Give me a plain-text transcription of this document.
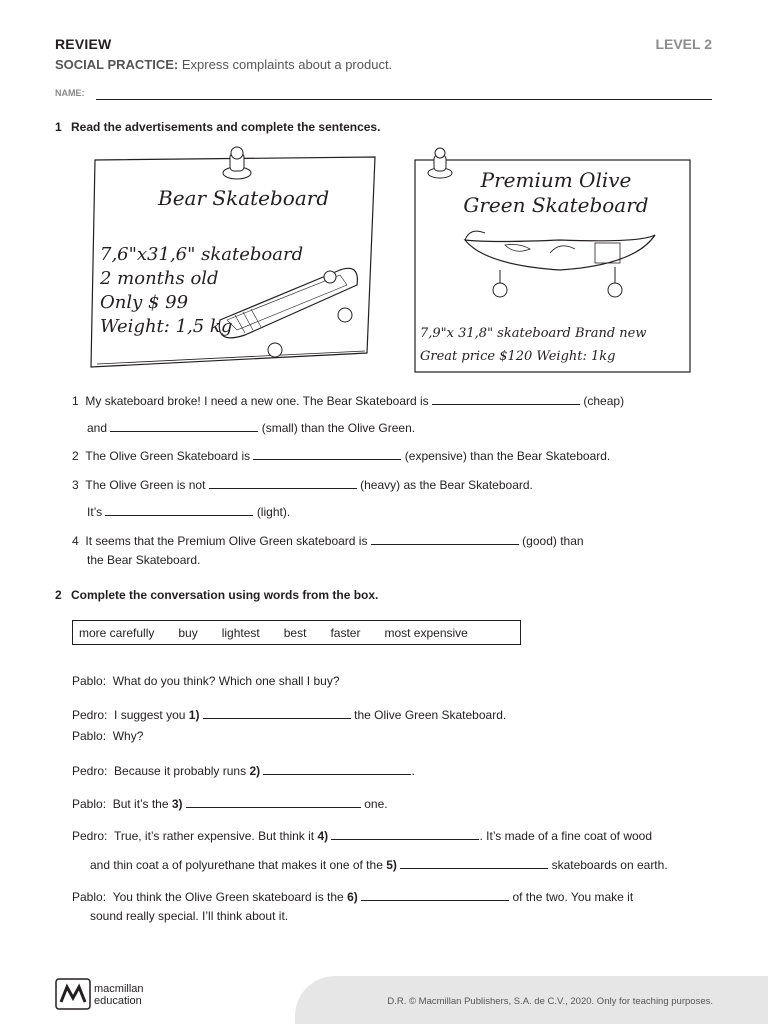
REVIEW	LEVEL 2
SOCIAL PRACTICE: Express complaints about a product.
NAME:
1 Read the advertisements and complete the sentences.
Bear Skateboard
7,6"x31,6" skateboard
2 months old
Only $ 99
Weight: 1,5 kg
Premium Olive
Green Skateboard
7,9"x 31,8" skateboard Brand new
Great price $120 Weight: 1kg
1 My skateboard broke! I need a new one. The Bear Skateboard is	(cheap)
and	(small) than the Olive Green.
2 The Olive Green Skateboard is	(expensive) than the Bear Skateboard.
3 The Olive Green is not	(heavy) as the Bear Skateboard.
It’s	(light).
4 It seems that the Premium Olive Green skateboard is	(good) than
the Bear Skateboard.
2 Complete the conversation using words from the box.
more carefully buy lightest best faster most expensive
Pablo: What do you think? Which one shall I buy?
Pedro: I suggest you 1)	the Olive Green Skateboard.
Pablo: Why?
Pedro: Because it probably runs 2)	.
Pablo: But it’s the 3)	one.
Pedro: True, it’s rather expensive. But think it 4)	. It’s made of a fine coat of wood
and thin coat a of polyurethane that makes it one of the 5)	skateboards on earth.
Pablo: You think the Olive Green skateboard is the 6)	of the two. You make it
sound really special. I’ll think about it.
macmillan
education	D.R. © Macmillan Publishers, S.A. de C.V., 2020. Only for teaching purposes.
